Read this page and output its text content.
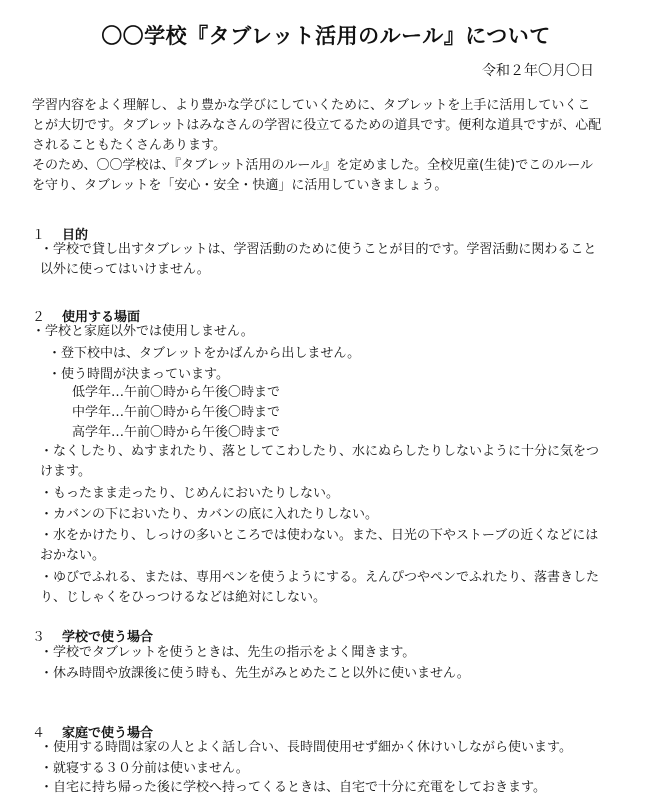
〇〇学校『タブレット活用のルール』について
令和２年〇月〇日

学習内容をよく理解し、より豊かな学びにしていくために、タブレットを上手に活用していくことが大切です。タブレットはみなさんの学習に役立てるための道具です。便利な道具ですが、心配されることもたくさんあります。

そのため、〇〇学校は、『タブレット活用のルール』を定めました。全校児童(生徒)でこのルールを守り、タブレットを「安心・安全・快適」に活用していきましょう。

１ 目的

・学校で貸し出すタブレットは、学習活動のために使うことが目的です。学習活動に関わること以外に使ってはいけません。

２ 使用する場面

・学校と家庭以外では使用しません。

・登下校中は、タブレットをかばんから出しません。

・使う時間が決まっています。

低学年…午前〇時から午後〇時まで

中学年…午前〇時から午後〇時まで

高学年…午前〇時から午後〇時まで

・なくしたり、ぬすまれたり、落としてこわしたり、水にぬらしたりしないように十分に気をつけます。

・もったまま走ったり、じめんにおいたりしない。

・カバンの下においたり、カバンの底に入れたりしない。

・水をかけたり、しっけの多いところでは使わない。また、日光の下やストーブの近くなどにはおかない。

・ゆびでふれる、または、専用ペンを使うようにする。えんぴつやペンでふれたり、落書きしたり、じしゃくをひっつけるなどは絶対にしない。

３ 学校で使う場合

・学校でタブレットを使うときは、先生の指示をよく聞きます。

・休み時間や放課後に使う時も、先生がみとめたこと以外に使いません。

４ 家庭で使う場合

・使用する時間は家の人とよく話し合い、長時間使用せず細かく休けいしながら使います。

・就寝する３０分前は使いません。

・自宅に持ち帰った後に学校へ持ってくるときは、自宅で十分に充電をしておきます。
